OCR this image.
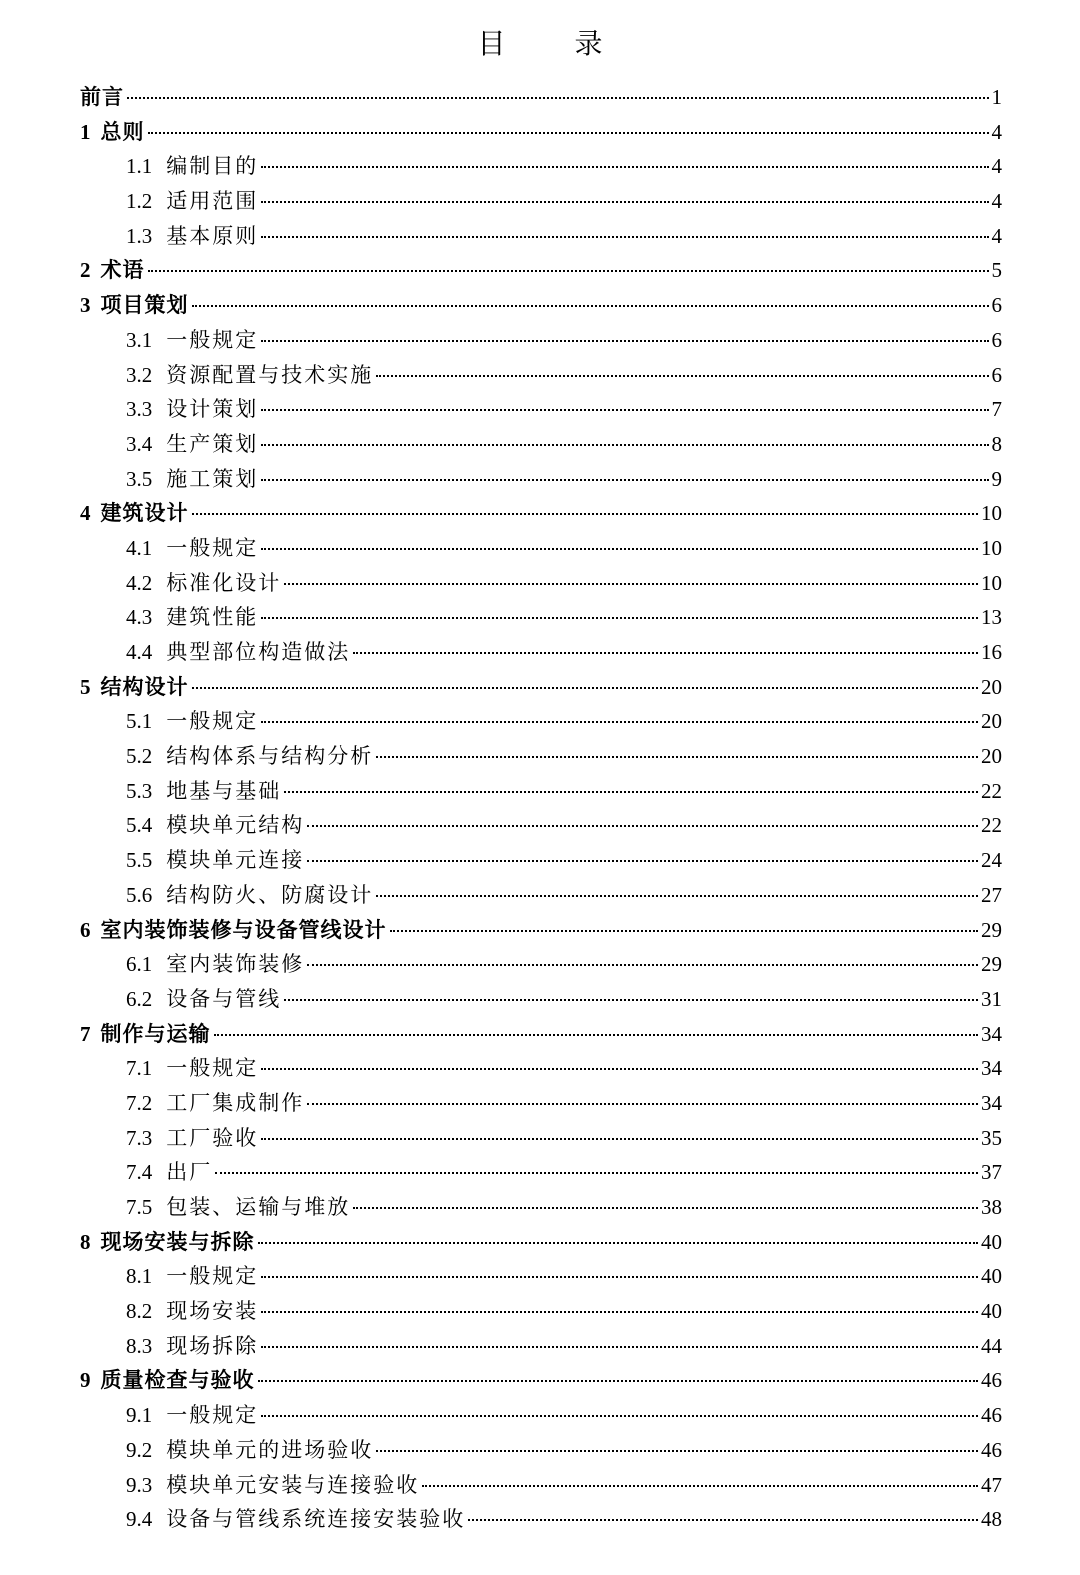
目 录
前言	1
1 总则	4
1.1 编制目的	4
1.2 适用范围	4
1.3 基本原则	4
2 术语	5
3 项目策划	6
3.1 一般规定	6
3.2 资源配置与技术实施	6
3.3 设计策划	7
3.4 生产策划	8
3.5 施工策划	9
4 建筑设计	10
4.1 一般规定	10
4.2 标准化设计	10
4.3 建筑性能	13
4.4 典型部位构造做法	16
5 结构设计	20
5.1 一般规定	20
5.2 结构体系与结构分析	20
5.3 地基与基础	22
5.4 模块单元结构	22
5.5 模块单元连接	24
5.6 结构防火、防腐设计	27
6 室内装饰装修与设备管线设计	29
6.1 室内装饰装修	29
6.2 设备与管线	31
7 制作与运输	34
7.1 一般规定	34
7.2 工厂集成制作	34
7.3 工厂验收	35
7.4 出厂	37
7.5 包装、运输与堆放	38
8 现场安装与拆除	40
8.1 一般规定	40
8.2 现场安装	40
8.3 现场拆除	44
9 质量检查与验收	46
9.1 一般规定	46
9.2 模块单元的进场验收	46
9.3 模块单元安装与连接验收	47
9.4 设备与管线系统连接安装验收	48
